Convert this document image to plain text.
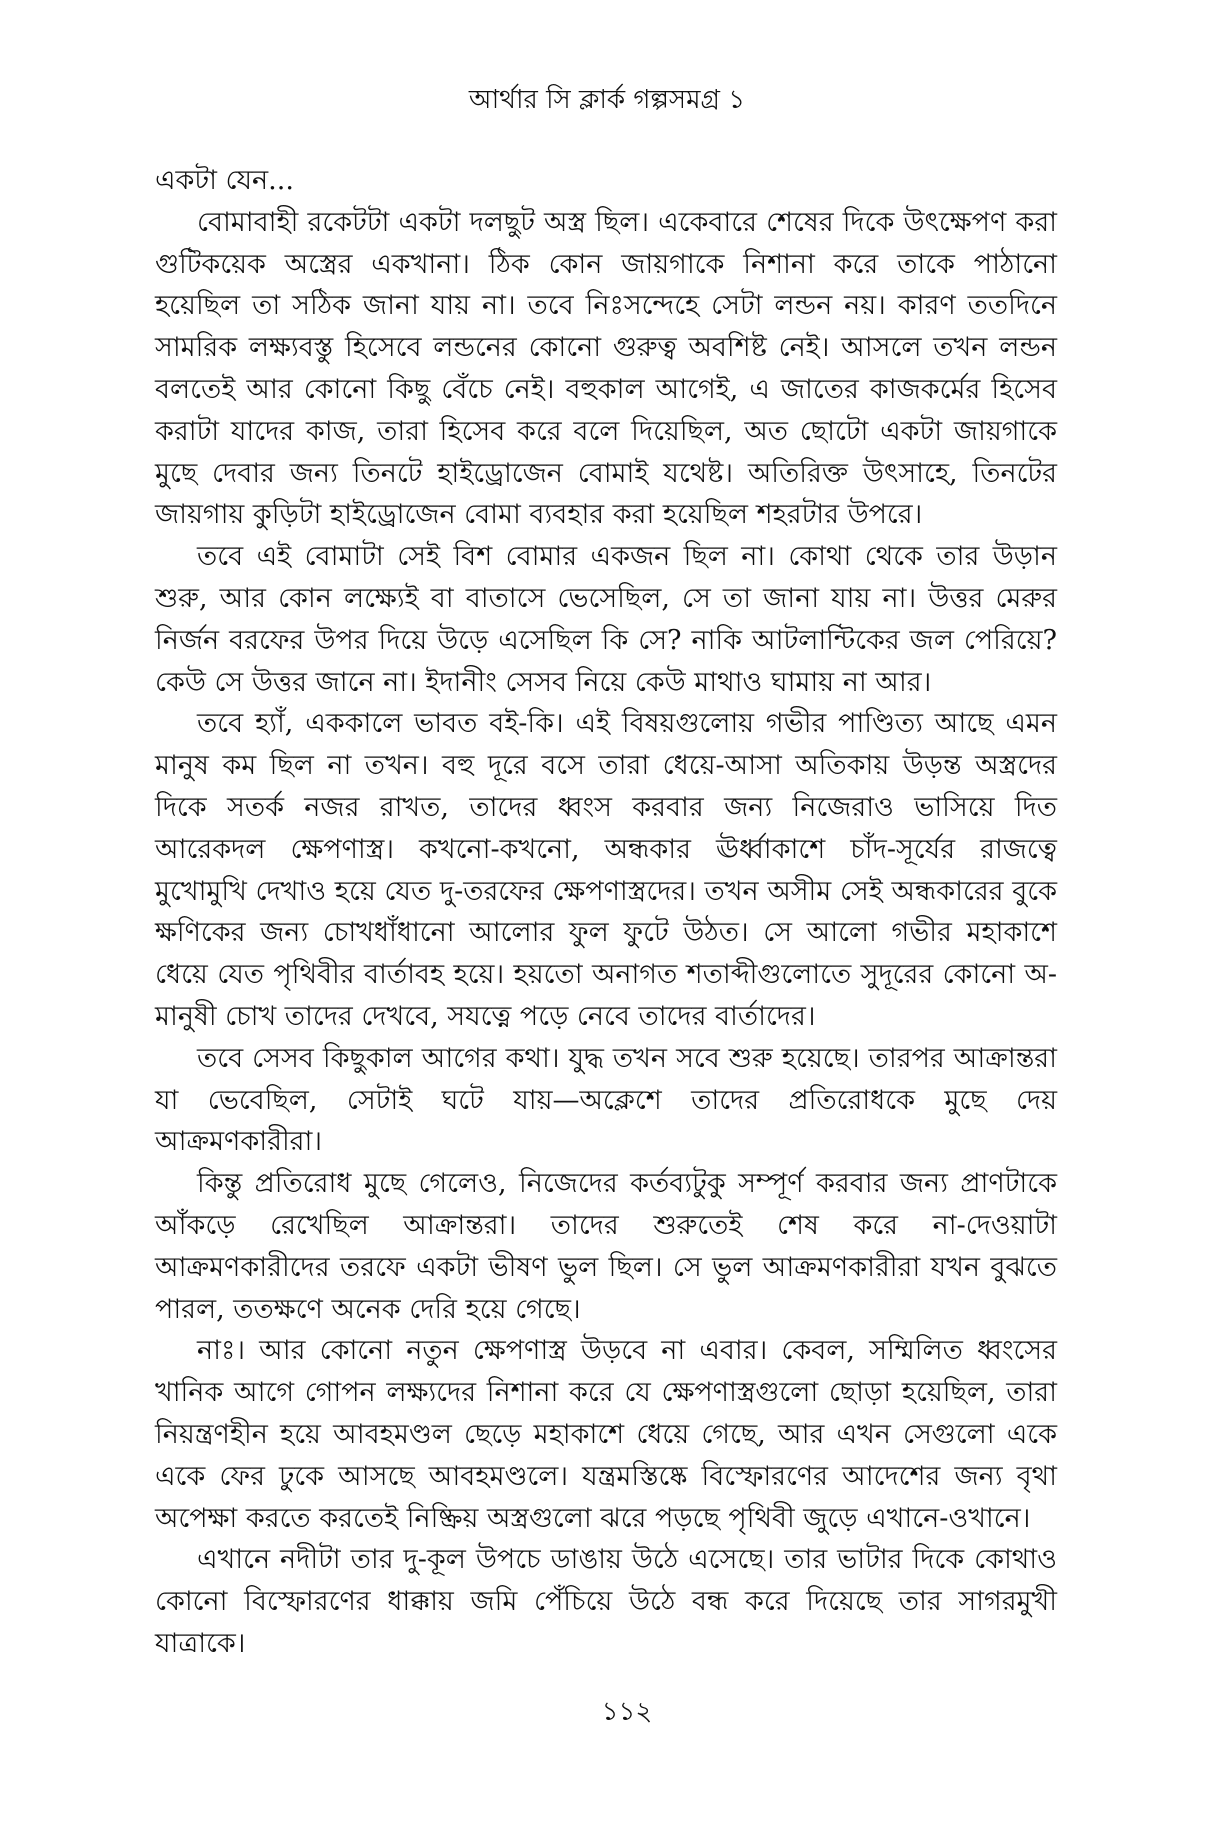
আর্থার সি ক্লার্ক গল্পসমগ্র ১

একটা যেন...

বোমাবাহী রকেটটা একটা দলছুট অস্ত্র ছিল। একেবারে শেষের দিকে উৎক্ষেপণ করা গুটিকয়েক অস্ত্রের একখানা। ঠিক কোন জায়গাকে নিশানা করে তাকে পাঠানো হয়েছিল তা সঠিক জানা যায় না। তবে নিঃসন্দেহে সেটা লন্ডন নয়। কারণ ততদিনে সামরিক লক্ষ্যবস্তু হিসেবে লন্ডনের কোনো গুরুত্ব অবশিষ্ট নেই। আসলে তখন লন্ডন বলতেই আর কোনো কিছু বেঁচে নেই। বহুকাল আগেই, এ জাতের কাজকর্মের হিসেব করাটা যাদের কাজ, তারা হিসেব করে বলে দিয়েছিল, অত ছোটো একটা জায়গাকে মুছে দেবার জন্য তিনটে হাইড্রোজেন বোমাই যথেষ্ট। অতিরিক্ত উৎসাহে, তিনটের জায়গায় কুড়িটা হাইড্রোজেন বোমা ব্যবহার করা হয়েছিল শহরটার উপরে।

তবে এই বোমাটা সেই বিশ বোমার একজন ছিল না। কোথা থেকে তার উড়ান শুরু, আর কোন লক্ষ্যেই বা বাতাসে ভেসেছিল, সে তা জানা যায় না। উত্তর মেরুর নির্জন বরফের উপর দিয়ে উড়ে এসেছিল কি সে? নাকি আটলান্টিকের জল পেরিয়ে? কেউ সে উত্তর জানে না। ইদানীং সেসব নিয়ে কেউ মাথাও ঘামায় না আর।

তবে হ্যাঁ, এককালে ভাবত বই-কি। এই বিষয়গুলোয় গভীর পাণ্ডিত্য আছে এমন মানুষ কম ছিল না তখন। বহু দূরে বসে তারা ধেয়ে-আসা অতিকায় উড়ন্ত অস্ত্রদের দিকে সতর্ক নজর রাখত, তাদের ধ্বংস করবার জন্য নিজেরাও ভাসিয়ে দিত আরেকদল ক্ষেপণাস্ত্র। কখনো-কখনো, অন্ধকার ঊর্ধ্বাকাশে চাঁদ-সূর্যের রাজত্বে মুখোমুখি দেখাও হয়ে যেত দু-তরফের ক্ষেপণাস্ত্রদের। তখন অসীম সেই অন্ধকারের বুকে ক্ষণিকের জন্য চোখধাঁধানো আলোর ফুল ফুটে উঠত। সে আলো গভীর মহাকাশে ধেয়ে যেত পৃথিবীর বার্তাবহ হয়ে। হয়তো অনাগত শতাব্দীগুলোতে সুদূরের কোনো অ-মানুষী চোখ তাদের দেখবে, সযত্নে পড়ে নেবে তাদের বার্তাদের।

তবে সেসব কিছুকাল আগের কথা। যুদ্ধ তখন সবে শুরু হয়েছে। তারপর আক্রান্তরা যা ভেবেছিল, সেটাই ঘটে যায়—অক্লেশে তাদের প্রতিরোধকে মুছে দেয় আক্রমণকারীরা।

কিন্তু প্রতিরোধ মুছে গেলেও, নিজেদের কর্তব্যটুকু সম্পূর্ণ করবার জন্য প্রাণটাকে আঁকড়ে রেখেছিল আক্রান্তরা। তাদের শুরুতেই শেষ করে না-দেওয়াটা আক্রমণকারীদের তরফে একটা ভীষণ ভুল ছিল। সে ভুল আক্রমণকারীরা যখন বুঝতে পারল, ততক্ষণে অনেক দেরি হয়ে গেছে।

নাঃ। আর কোনো নতুন ক্ষেপণাস্ত্র উড়বে না এবার। কেবল, সম্মিলিত ধ্বংসের খানিক আগে গোপন লক্ষ্যদের নিশানা করে যে ক্ষেপণাস্ত্রগুলো ছোড়া হয়েছিল, তারা নিয়ন্ত্রণহীন হয়ে আবহমণ্ডল ছেড়ে মহাকাশে ধেয়ে গেছে, আর এখন সেগুলো একে একে ফের ঢুকে আসছে আবহমণ্ডলে। যন্ত্রমস্তিষ্কে বিস্ফোরণের আদেশের জন্য বৃথা অপেক্ষা করতে করতেই নিষ্ক্রিয় অস্ত্রগুলো ঝরে পড়ছে পৃথিবী জুড়ে এখানে-ওখানে।

এখানে নদীটা তার দু-কূল উপচে ডাঙায় উঠে এসেছে। তার ভাটার দিকে কোথাও কোনো বিস্ফোরণের ধাক্কায় জমি পেঁচিয়ে উঠে বন্ধ করে দিয়েছে তার সাগরমুখী যাত্রাকে।

১১২
